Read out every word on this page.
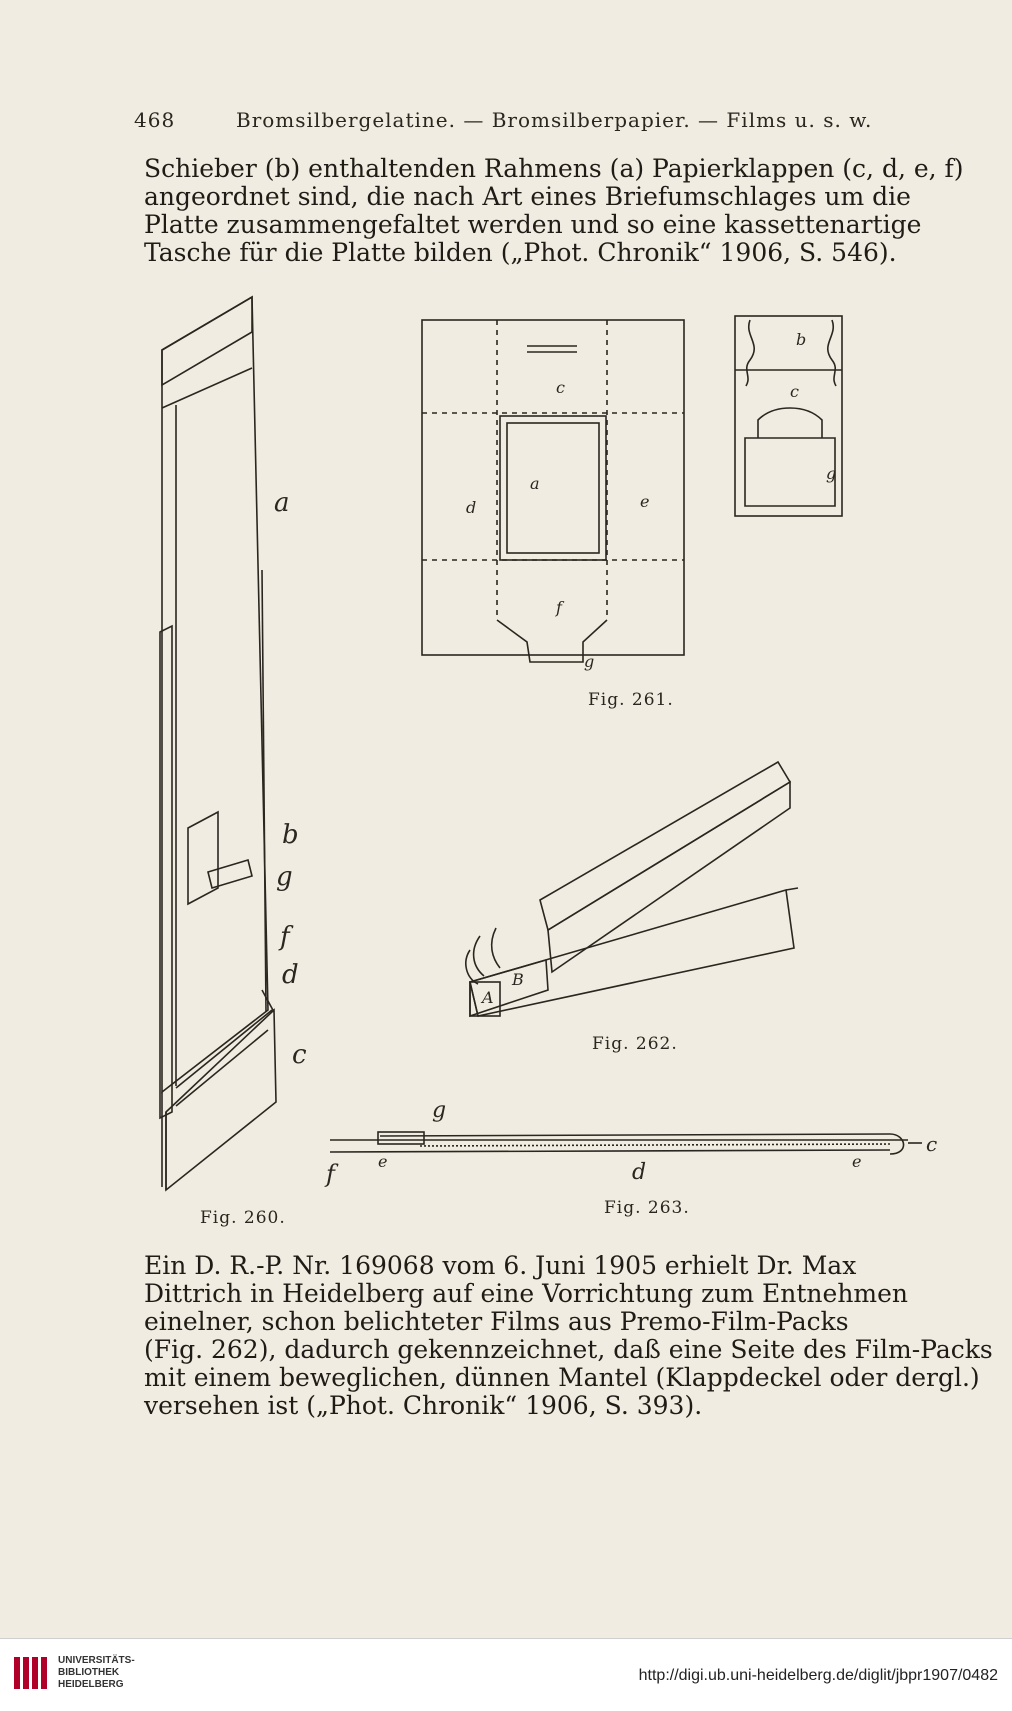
468	Bromsilbergelatine. — Bromsilberpapier. — Films u. s. w.
Schieber (b) enthaltenden Rahmens (a) Papierklappen (c, d, e, f)
angeordnet sind, die nach Art eines Briefumschlages um die
Platte zusammengefaltet werden und so eine kassettenartige
Tasche für die Platte bilden („Phot. Chronik“ 1906, S. 546).
a
b
g
f
d
c
Fig. 260.
c
a
d	e
f
g
b
c
g
Fig. 261.
A
B
Fig. 262.
g
f	e	d	e
c
Fig. 263.
Ein D. R.-P. Nr. 169068 vom 6. Juni 1905 erhielt Dr. Max
Dittrich in Heidelberg auf eine Vorrichtung zum Entnehmen
einelner, schon belichteter Films aus Premo-Film-Packs
(Fig. 262), dadurch gekennzeichnet, daß eine Seite des Film-Packs
mit einem beweglichen, dünnen Mantel (Klappdeckel oder dergl.)
versehen ist („Phot. Chronik“ 1906, S. 393).
UNIVERSITÄTS-
BIBLIOTHEK
HEIDELBERG
http://digi.ub.uni-heidelberg.de/diglit/jbpr1907/0482
